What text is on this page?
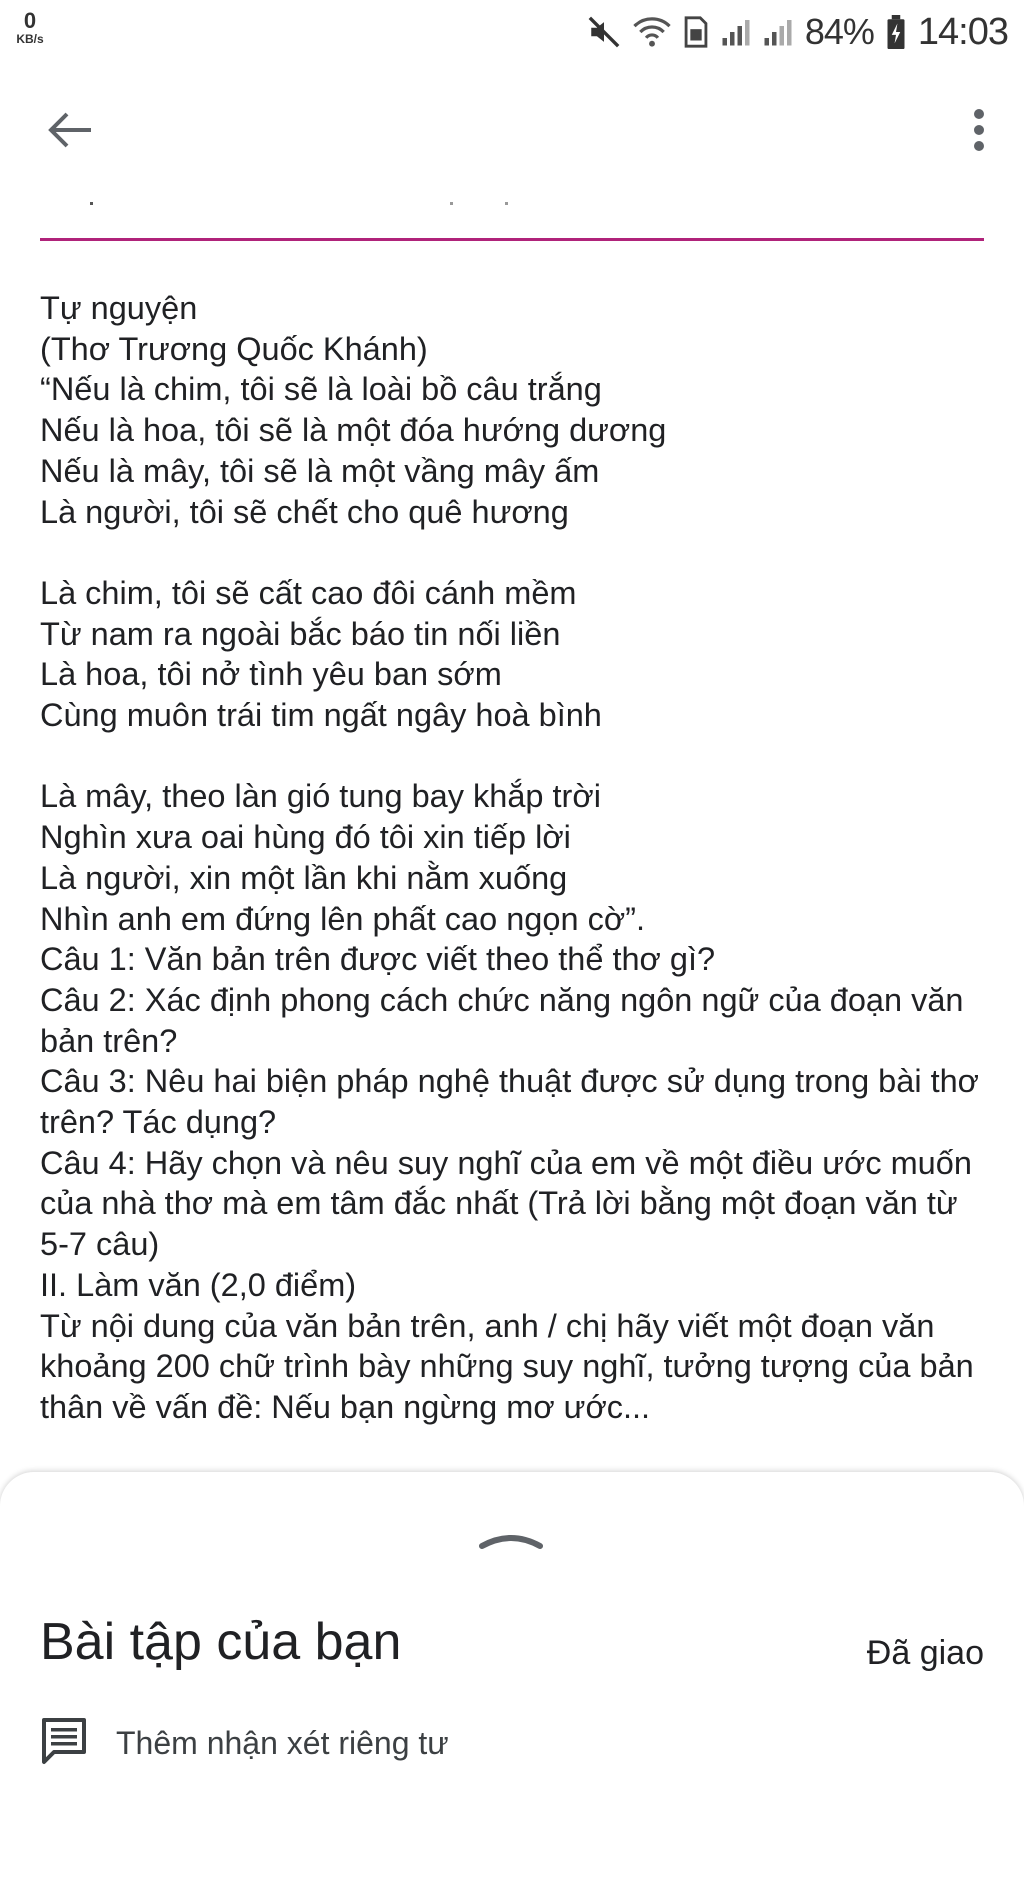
0
KB/s	84% 14:03
Tự nguyện
(Thơ Trương Quốc Khánh)
“Nếu là chim, tôi sẽ là loài bồ câu trắng
Nếu là hoa, tôi sẽ là một đóa hướng dương
Nếu là mây, tôi sẽ là một vầng mây ấm
Là người, tôi sẽ chết cho quê hương
Là chim, tôi sẽ cất cao đôi cánh mềm
Từ nam ra ngoài bắc báo tin nối liền
Là hoa, tôi nở tình yêu ban sớm
Cùng muôn trái tim ngất ngây hoà bình
Là mây, theo làn gió tung bay khắp trời
Nghìn xưa oai hùng đó tôi xin tiếp lời
Là người, xin một lần khi nằm xuống
Nhìn anh em đứng lên phất cao ngọn cờ”.
Câu 1: Văn bản trên được viết theo thể thơ gì?
Câu 2: Xác định phong cách chức năng ngôn ngữ của đoạn văn bản trên?
Câu 3: Nêu hai biện pháp nghệ thuật được sử dụng trong bài thơ trên? Tác dụng?
Câu 4: Hãy chọn và nêu suy nghĩ của em về một điều ước muốn của nhà thơ mà em tâm đắc nhất (Trả lời bằng một đoạn văn từ 5-7 câu)
II. Làm văn (2,0 điểm)
Từ nội dung của văn bản trên, anh / chị hãy viết một đoạn văn khoảng 200 chữ trình bày những suy nghĩ, tưởng tượng của bản thân về vấn đề: Nếu bạn ngừng mơ ước...
Bài tập của bạn	Đã giao
Thêm nhận xét riêng tư
